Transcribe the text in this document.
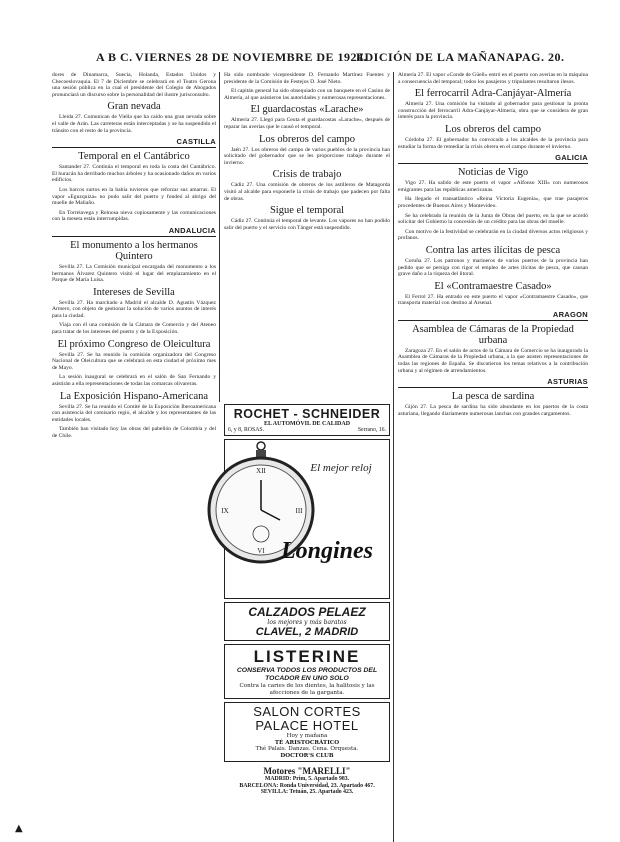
A B C. VIERNES 28 DE NOVIEMBRE DE 1924.
EDICIÓN DE LA MAÑANA.
PAG. 20.

dores de Dinamarca, Suecia, Holanda, Estados Unidos y Checoeslovaquia. El 7 de Diciembre se celebrará en el Teatro Gerona una sesión pública en la cual el presidente del Colegio de Abogados pronunciará un discurso sobre la personalidad del ilustre jurisconsulto.

Gran nevada

Lleida 27. Comunican de Viella que ha caído una gran nevada sobre el valle de Arán. Las carreteras están interceptadas y se ha suspendido el tránsito con el resto de la provincia.

CASTILLA
Temporal en el Cantábrico

Santander 27. Continúa el temporal en toda la costa del Cantábrico. El huracán ha derribado muchos árboles y ha ocasionado daños en varios edificios.

Los barcos surtos en la bahía tuvieron que reforzar sus amarras. El vapor «Eguzquiza» no pudo salir del puerto y fondeó al abrigo del muelle de Maliaño.

En Torrelavega y Reinosa nieva copiosamente y las comunicaciones con la meseta están interrumpidas.

ANDALUCIA
El monumento a los hermanos Quintero

Sevilla 27. La Comisión municipal encargada del monumento a los hermanos Álvarez Quintero visitó el lugar del emplazamiento en el Parque de María Luisa.

Intereses de Sevilla

Sevilla 27. Ha marchado a Madrid el alcalde D. Agustín Vázquez Armero, con objeto de gestionar la solución de varios asuntos de interés para la ciudad.

Viaja con él una comisión de la Cámara de Comercio y del Ateneo para tratar de los intereses del puerto y de la Exposición.

El próximo Congreso de Oleicultura

Sevilla 27. Se ha reunido la comisión organizadora del Congreso Nacional de Oleicultura que se celebrará en esta ciudad el próximo mes de Mayo.

La sesión inaugural se celebrará en el salón de San Fernando y asistirán a ella representaciones de todas las comarcas olivareras.

La Exposición Hispano-Americana

Sevilla 27. Se ha reunido el Comité de la Exposición Iberoamericana con asistencia del comisario regio, el alcalde y los representantes de las entidades locales.

También han visitado hoy las obras del pabellón de Colombia y del de Chile.

Ha sido nombrado vicepresidente D. Fernando Martínez Fuentes y presidente de la Comisión de Festejos D. José Nieto.

El capitán general ha sido obsequiado con un banquete en el Casino de Almería, al que asistieron las autoridades y numerosas representaciones.

El guardacostas «Larache»

Almería 27. Llegó para Ceuta el guardacostas «Larache», después de reparar las averías que le causó el temporal.

Los obreros del campo

Jaén 27. Los obreros del campo de varios pueblos de la provincia han solicitado del gobernador que se les proporcione trabajo durante el invierno.

Crisis de trabajo

Cádiz 27. Una comisión de obreros de los astilleros de Matagorda visitó al alcalde para exponerle la crisis de trabajo que padecen por falta de obras.

Sigue el temporal

Cádiz 27. Continúa el temporal de levante. Los vapores no han podido salir del puerto y el servicio con Tánger está suspendido.

ROCHET - SCHNEIDER
EL AUTOMÓVIL DE CALIDAD
6, y 8, ROSAS.	Serrano, 16.
XII
III
VI
IX
El mejor reloj
Longines
CALZADOS PELAEZ
los mejores y más baratos
CLAVEL, 2 MADRID
LISTERINE
CONSERVA TODOS LOS PRODUCTOS DEL TOCADOR EN UNO SOLO
Contra la caries de los dientes, la halitosis y las afecciones de la garganta.
SALON CORTES
PALACE HOTEL
Hoy y mañana
TÉ ARISTOCRÁTICO
Thé Palais. Danzas. Cena. Orquesta.
DOCTOR'S CLUB
Motores "MARELLI"
MADRID: Prim, 5. Apartado 983.
BARCELONA: Ronda Universidad, 23. Apartado 467.
SEVILLA: Tetuán, 25. Apartado 423.

Almería 27. El vapor «Conde de Güell» entró en el puerto con averías en la máquina a consecuencia del temporal; todos los pasajeros y tripulantes resultaron ilesos.

El ferrocarril Adra-Canjáyar-Almería

Almería 27. Una comisión ha visitado al gobernador para gestionar la pronta construcción del ferrocarril Adra-Canjáyar-Almería, obra que se considera de gran interés para la provincia.

Los obreros del campo

Córdoba 27. El gobernador ha convocado a los alcaldes de la provincia para estudiar la forma de remediar la crisis obrera en el campo durante el invierno.

GALICIA
Noticias de Vigo

Vigo 27. Ha salido de este puerto el vapor «Alfonso XIII» con numerosos emigrantes para las repúblicas americanas.

Ha llegado el transatlántico «Reina Victoria Eugenia», que trae pasajeros procedentes de Buenos Aires y Montevideo.

Se ha celebrado la reunión de la Junta de Obras del puerto, en la que se acordó solicitar del Gobierno la concesión de un crédito para las obras del muelle.

Con motivo de la festividad se celebrarán en la ciudad diversos actos religiosos y profanos.

Contra las artes ilícitas de pesca

Coruña 27. Los patronos y marineros de varios puertos de la provincia han pedido que se persiga con rigor el empleo de artes ilícitas de pesca, que causan grave daño a la riqueza del litoral.

El «Contramaestre Casado»

El Ferrol 27. Ha entrado en este puerto el vapor «Contramaestre Casado», que transporta material con destino al Arsenal.

ARAGON
Asamblea de Cámaras de la Propiedad urbana

Zaragoza 27. En el salón de actos de la Cámara de Comercio se ha inaugurado la Asamblea de Cámaras de la Propiedad urbana, a la que asisten representaciones de todas las regiones de España. Se discutieron los temas relativos a la contribución urbana y al régimen de arrendamientos.

ASTURIAS
La pesca de sardina

Gijón 27. La pesca de sardina ha sido abundante en los puertos de la costa asturiana, llegando diariamente numerosas lanchas con grandes cargamentos.

▲
